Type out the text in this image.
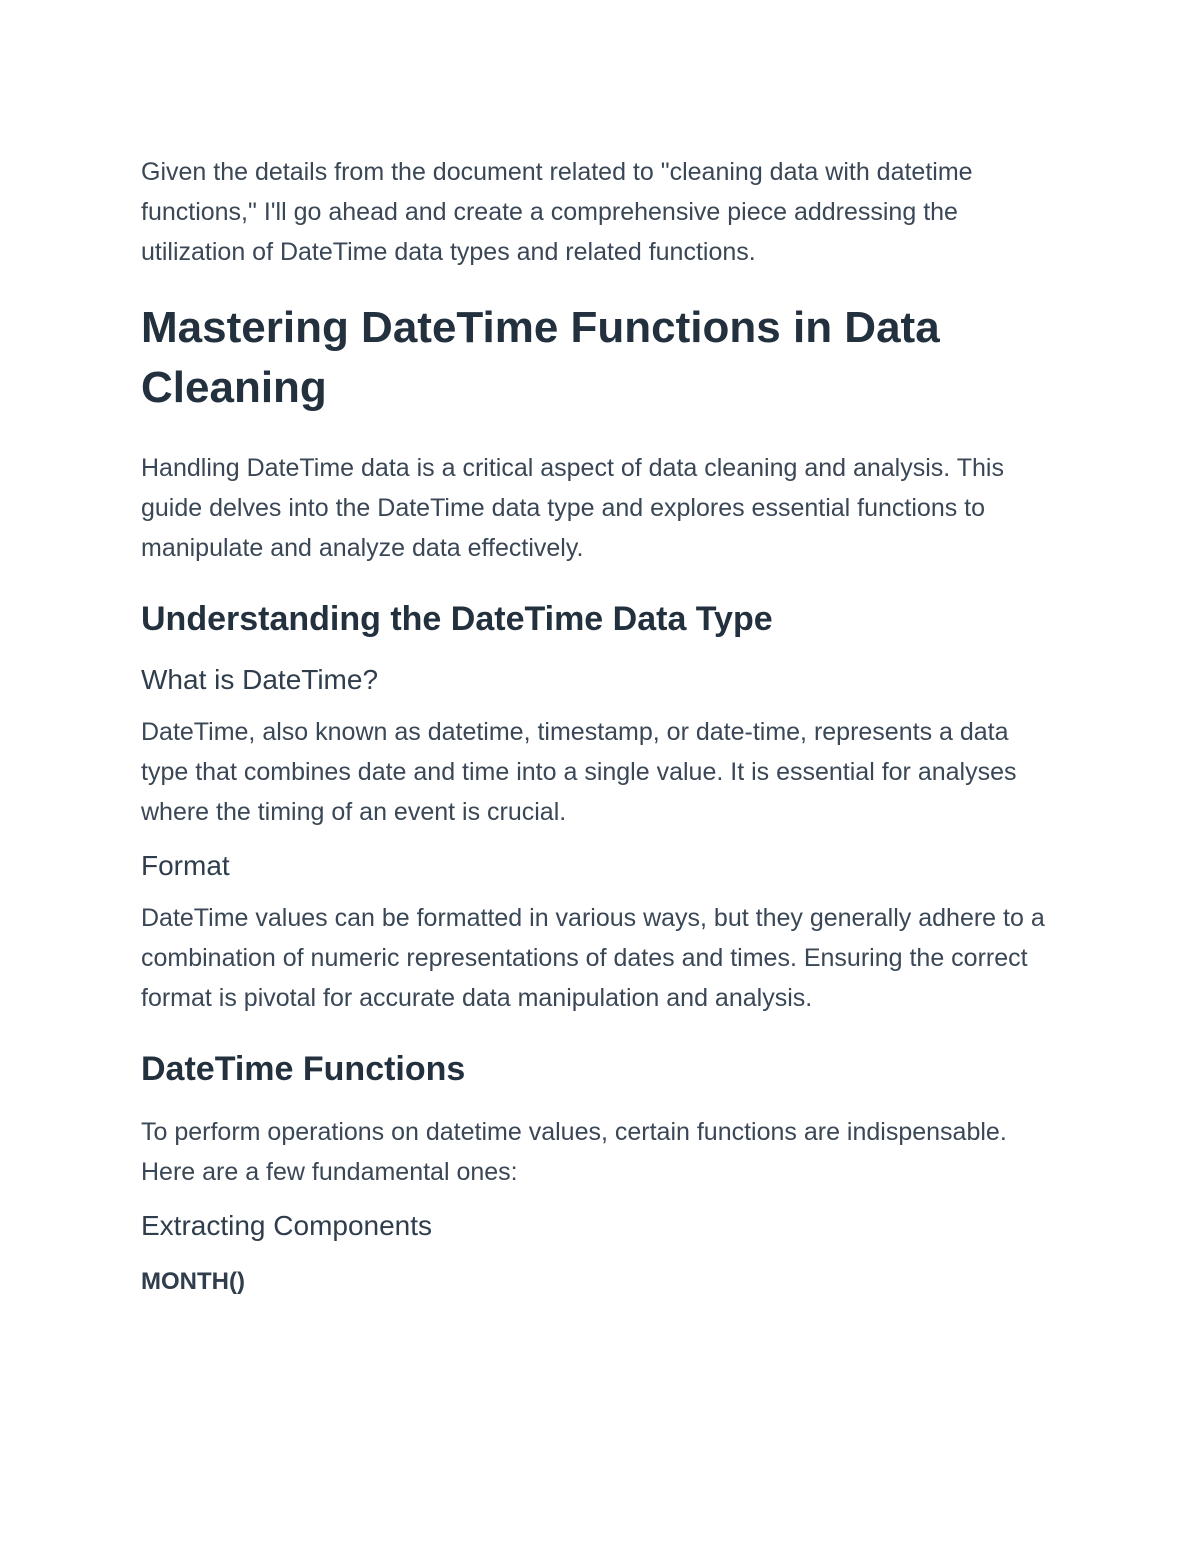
Given the details from the document related to "cleaning data with datetime functions," I'll go ahead and create a comprehensive piece addressing the utilization of DateTime data types and related functions.

Mastering DateTime Functions in Data Cleaning

Handling DateTime data is a critical aspect of data cleaning and analysis. This guide delves into the DateTime data type and explores essential functions to manipulate and analyze data effectively.

Understanding the DateTime Data Type
What is DateTime?

DateTime, also known as datetime, timestamp, or date-time, represents a data type that combines date and time into a single value. It is essential for analyses where the timing of an event is crucial.

Format

DateTime values can be formatted in various ways, but they generally adhere to a combination of numeric representations of dates and times. Ensuring the correct format is pivotal for accurate data manipulation and analysis.

DateTime Functions

To perform operations on datetime values, certain functions are indispensable. Here are a few fundamental ones:

Extracting Components
MONTH()
